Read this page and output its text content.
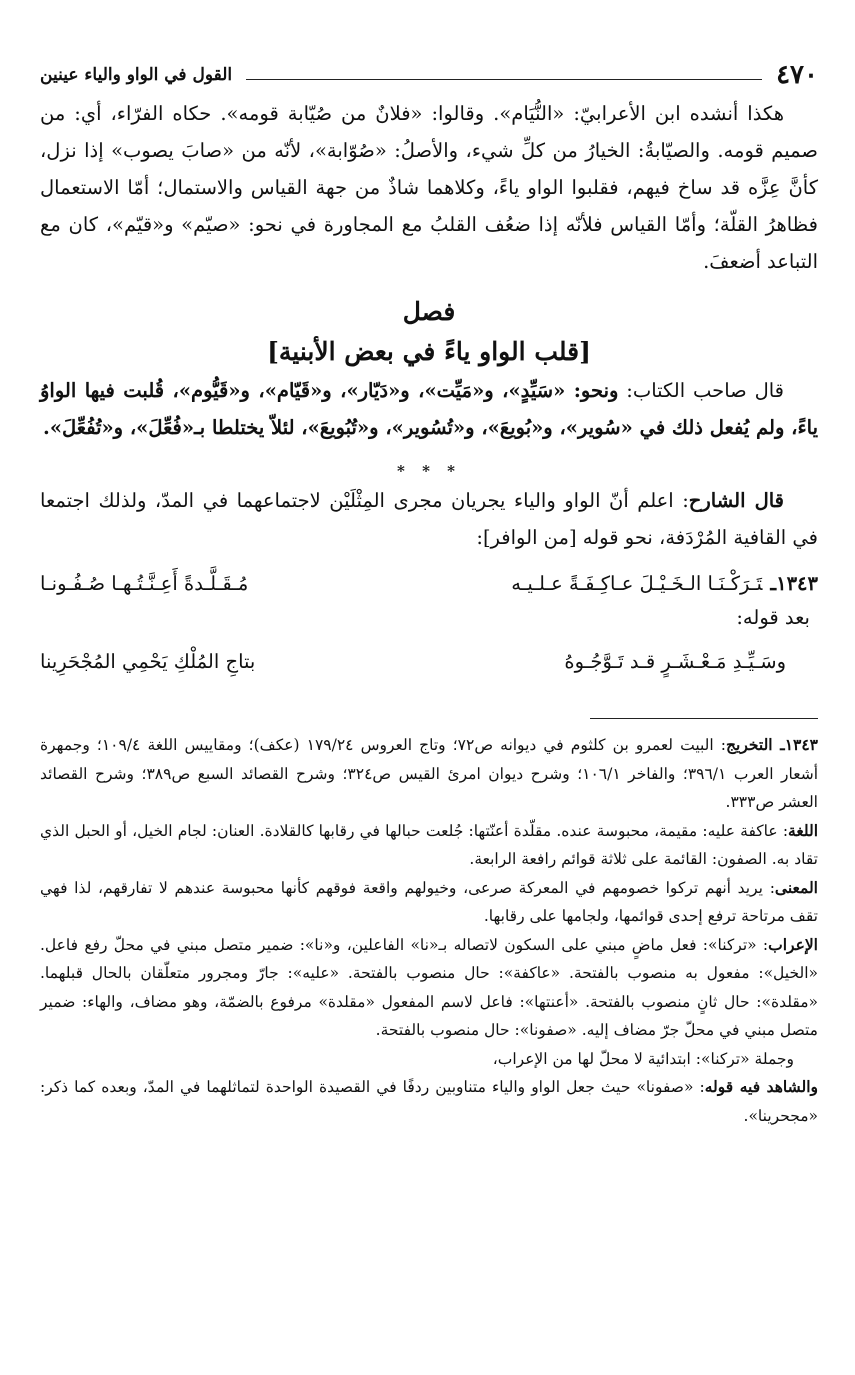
٤٧٠
القول في الواو والياء عينين

هكذا أنشده ابن الأعرابيّ: «النُّيَام». وقالوا: «فلانٌ من صُيّابة قومه». حكاه الفرّاء، أي: من صميم قومه. والصيّابةُ: الخيارُ من كلِّ شيء، والأصلُ: «صُوّابة»، لأنّه من «صابَ يصوب» إذا نزل، كأنَّ عِزَّه قد ساخ فيهم، فقلبوا الواو ياءً، وكلاهما شاذٌ من جهة القياس والاستمال؛ أمّا الاستعمال فظاهرُ القلّة؛ وأمّا القياس فلأنّه إذا ضعُف القلبُ مع المجاورة في نحو: «صيّم» و«قيّم»، كان مع التباعد أضعفَ.

فصل
[قلب الواو ياءً في بعض الأبنية]

قال صاحب الكتاب: ونحو: «سَيِّدٍ»، و«مَيِّت»، و«دَيّار»، و«قَيّام»، و«قَيُّوم»، قُلبت فيها الواوُ ياءً، ولم يُفعل ذلك في «سُوير»، و«بُويعَ»، و«تُسُوير»، و«تُبُويعَ»، لئلاّ يختلطا بـ«فُعِّلَ»، و«تُفُعِّلَ».

* * *

قال الشارح: اعلم أنّ الواو والياء يجريان مجرى المِثْلَيْن لاجتماعهما في المدّ، ولذلك اجتمعا في القافية المُرْدَفة، نحو قوله [من الوافر]:

١٣٤٣ـتَـرَكْـنَـا الـخَـيْـلَ عـاكِـفَـةً عـلـيـه
مُـقَـلَّـدةً أَعِـنَّـتُـهـا صُـفُـونـا
بعد قوله:
وسَـيِّـدِ مَـعْـشَـرٍ قـد تَـوَّجُـوهُ
بتاجِ المُلْكِ يَحْمِي المُجْحَرِينا

١٣٤٣ـ التخريج: البيت لعمرو بن كلثوم في ديوانه ص٧٢؛ وتاج العروس ١٧٩/٢٤ (عكف)؛ ومقاييس اللغة ١٠٩/٤؛ وجمهرة أشعار العرب ٣٩٦/١؛ والفاخر ١٠٦/١؛ وشرح ديوان امرئ القيس ص٣٢٤؛ وشرح القصائد السبع ص٣٨٩؛ وشرح القصائد العشر ص٣٣٣.

اللغة: عاكفة عليه: مقيمة، محبوسة عنده. مقلّدة أعنّتها: جُلعت حبالها في رقابها كالقلادة. العنان: لجام الخيل، أو الحبل الذي تقاد به. الصفون: القائمة على ثلاثة قوائم رافعة الرابعة.

المعنى: يريد أنهم تركوا خصومهم في المعركة صرعى، وخيولهم واقعة فوقهم كأنها محبوسة عندهم لا تفارقهم، لذا فهي تقف مرتاحة ترفع إحدى قوائمها، ولجامها على رقابها.

الإعراب: «تركنا»: فعل ماضٍ مبني على السكون لاتصاله بـ«نا» الفاعلين، و«نا»: ضمير متصل مبني في محلّ رفع فاعل. «الخيل»: مفعول به منصوب بالفتحة. «عاكفة»: حال منصوب بالفتحة. «عليه»: جارّ ومجرور متعلّقان بالحال قبلهما. «مقلدة»: حال ثانٍ منصوب بالفتحة. «أعنتها»: فاعل لاسم المفعول «مقلدة» مرفوع بالضمّة، وهو مضاف، والهاء: ضمير متصل مبني في محلّ جرّ مضاف إليه. «صفونا»: حال منصوب بالفتحة.

وجملة «تركنا»: ابتدائية لا محلّ لها من الإعراب،

والشاهد فيه قوله: «صفونا» حيث جعل الواو والياء متناوبين ردفًا في القصيدة الواحدة لتماثلهما في المدّ، وبعده كما ذكر: «مجحرينا».
